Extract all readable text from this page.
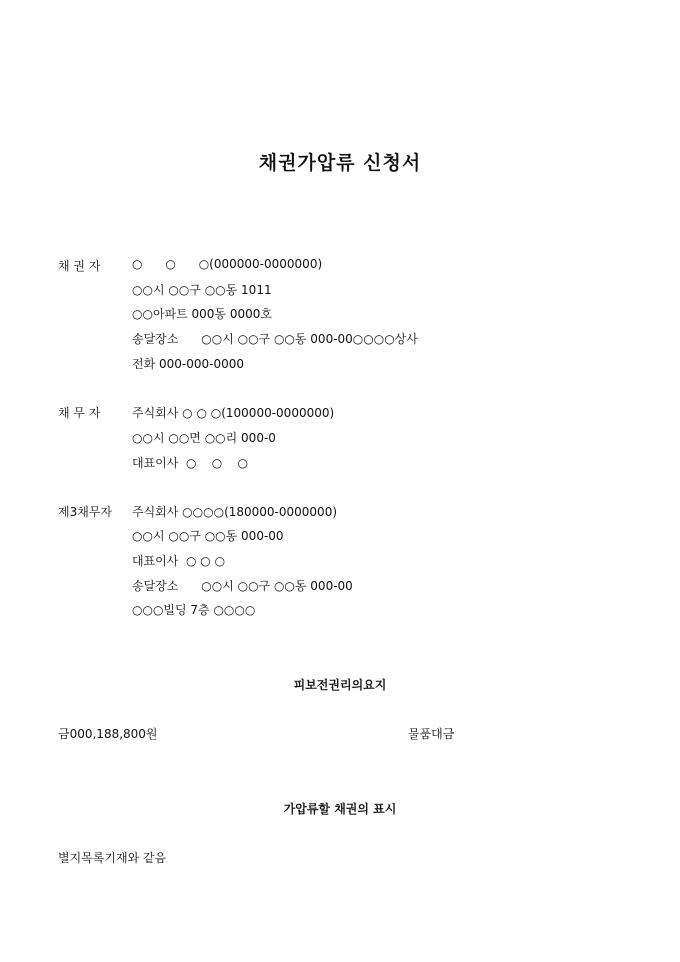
채권가압류 신청서
채 권 자	○      ○      ○(000000-0000000)
○○시 ○○구 ○○동 1011
○○아파트 000동 0000호
송달장소      ○○시 ○○구 ○○동 000-00○○○○상사
전화 000-000-0000
채 무 자	주식회사 ○ ○ ○(100000-0000000)
○○시 ○○면 ○○리 000-0
대표이사  ○    ○    ○
제3채무자 주식회사 ○○○○(180000-0000000)
○○시 ○○구 ○○동 000-00
대표이사  ○ ○ ○
송달장소      ○○시 ○○구 ○○동 000-00
○○○빌딩 7층 ○○○○
피보전권리의요지
금000,188,800원	물품대금
가압류할 채권의 표시
별지목록기재와 같음
